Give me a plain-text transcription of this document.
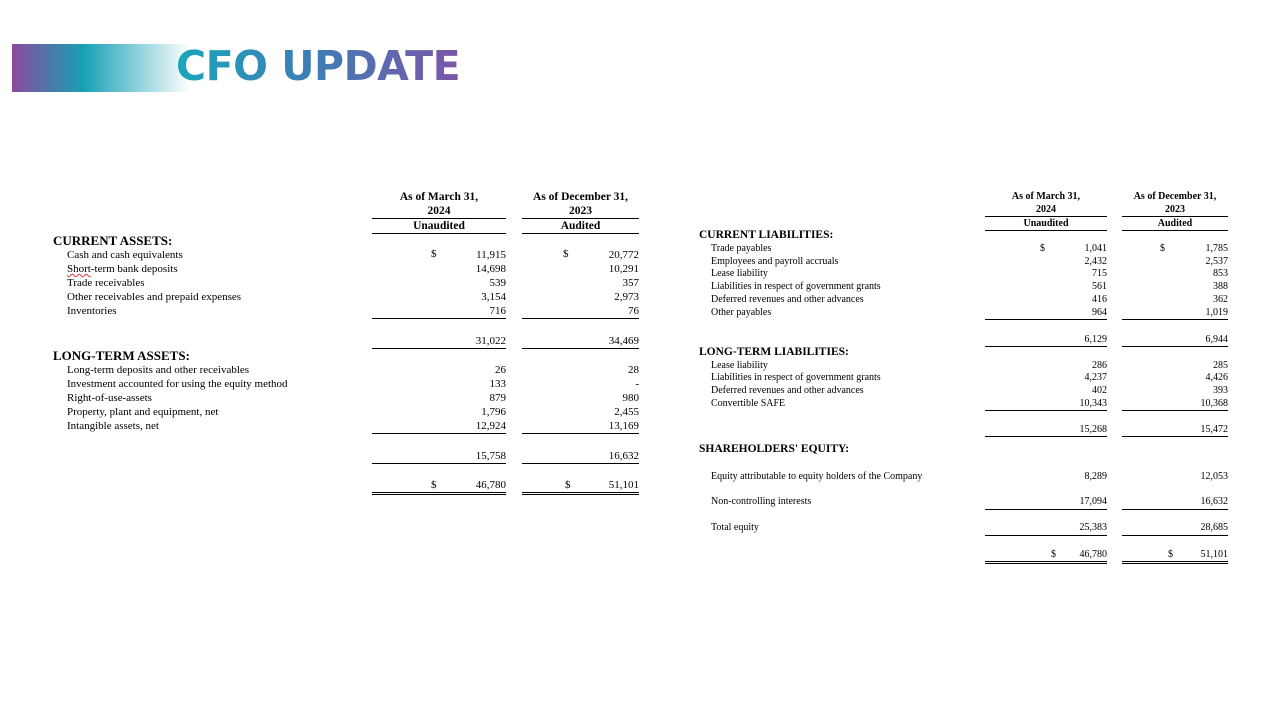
CFO UPDATE
As of March 31,
2024
Unaudited
As of December 31,
2023
Audited
CURRENT ASSETS:
$	$
Cash and cash equivalents	11,915	20,772
Short-term bank deposits	14,698	10,291
Trade receivables	539	357
Other receivables and prepaid expenses	3,154	2,973
Inventories	716	76
31,022	34,469
LONG-TERM ASSETS:
Long-term deposits and other receivables	26	28
Investment accounted for using the equity method	133	-
Right-of-use-assets	879	980
Property, plant and equipment, net	1,796	2,455
Intangible assets, net	12,924	13,169
15,758	16,632
$	46,780	$	51,101
As of March 31,
2024
Unaudited
As of December 31,
2023
Audited
CURRENT LIABILITIES:
$	$
Trade payables	1,041	1,785
Employees and payroll accruals	2,432	2,537
Lease liability	715	853
Liabilities in respect of government grants	561	388
Deferred revenues and other advances	416	362
Other payables	964	1,019
6,129	6,944
LONG-TERM LIABILITIES:
Lease liability	286	285
Liabilities in respect of government grants	4,237	4,426
Deferred revenues and other advances	402	393
Convertible SAFE	10,343	10,368
15,268	15,472
SHAREHOLDERS' EQUITY:
Equity attributable to equity holders of the Company	8,289	12,053
Non-controlling interests	17,094	16,632
Total equity	25,383	28,685
$	46,780	$	51,101
